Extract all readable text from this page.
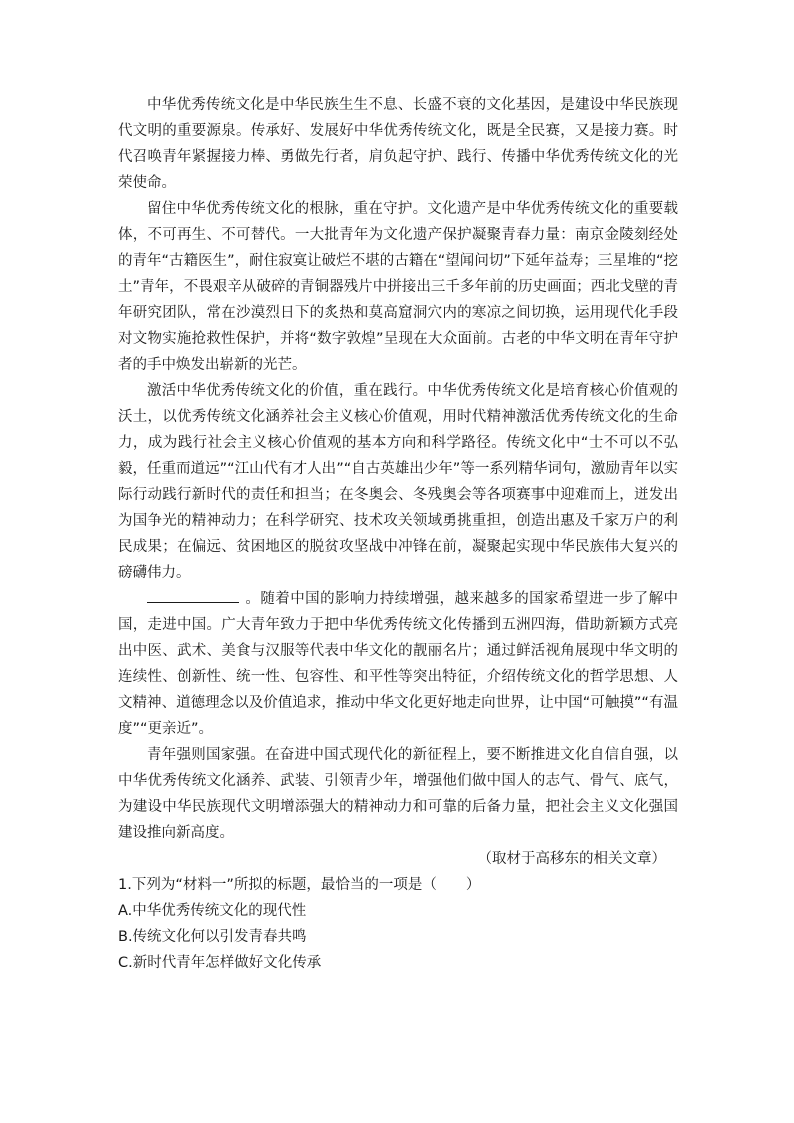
中华优秀传统文化是中华民族生生不息、长盛不衰的文化基因，是建设中华民族现代文明的重要源泉。传承好、发展好中华优秀传统文化，既是全民赛，又是接力赛。时代召唤青年紧握接力棒、勇做先行者，肩负起守护、践行、传播中华优秀传统文化的光荣使命。

留住中华优秀传统文化的根脉，重在守护。文化遗产是中华优秀传统文化的重要载体，不可再生、不可替代。一大批青年为文化遗产保护凝聚青春力量：南京金陵刻经处的青年“古籍医生”，耐住寂寞让破烂不堪的古籍在“望闻问切”下延年益寿；三星堆的“挖土”青年，不畏艰辛从破碎的青铜器残片中拼接出三千多年前的历史画面；西北戈壁的青年研究团队，常在沙漠烈日下的炙热和莫高窟洞穴内的寒凉之间切换，运用现代化手段对文物实施抢救性保护，并将“数字敦煌”呈现在大众面前。古老的中华文明在青年守护者的手中焕发出崭新的光芒。

激活中华优秀传统文化的价值，重在践行。中华优秀传统文化是培育核心价值观的沃土，以优秀传统文化涵养社会主义核心价值观，用时代精神激活优秀传统文化的生命力，成为践行社会主义核心价值观的基本方向和科学路径。传统文化中“士不可以不弘毅，任重而道远”“江山代有才人出”“自古英雄出少年”等一系列精华词句，激励青年以实际行动践行新时代的责任和担当；在冬奥会、冬残奥会等各项赛事中迎难而上，迸发出为国争光的精神动力；在科学研究、技术攻关领域勇挑重担，创造出惠及千家万户的利民成果；在偏远、贫困地区的脱贫攻坚战中冲锋在前，凝聚起实现中华民族伟大复兴的磅礴伟力。

。随着中国的影响力持续增强，越来越多的国家希望进一步了解中国，走进中国。广大青年致力于把中华优秀传统文化传播到五洲四海，借助新颖方式亮出中医、武术、美食与汉服等代表中华文化的靓丽名片；通过鲜活视角展现中华文明的连续性、创新性、统一性、包容性、和平性等突出特征，介绍传统文化的哲学思想、人文精神、道德理念以及价值追求，推动中华文化更好地走向世界，让中国“可触摸”“有温度”“更亲近”。

青年强则国家强。在奋进中国式现代化的新征程上，要不断推进文化自信自强，以中华优秀传统文化涵养、武装、引领青少年，增强他们做中国人的志气、骨气、底气，为建设中华民族现代文明增添强大的精神动力和可靠的后备力量，把社会主义文化强国建设推向新高度。

（取材于高移东的相关文章）

1.下列为“材料一”所拟的标题，最恰当的一项是（　　）

A.中华优秀传统文化的现代性
B.传统文化何以引发青春共鸣
C.新时代青年怎样做好文化传承
